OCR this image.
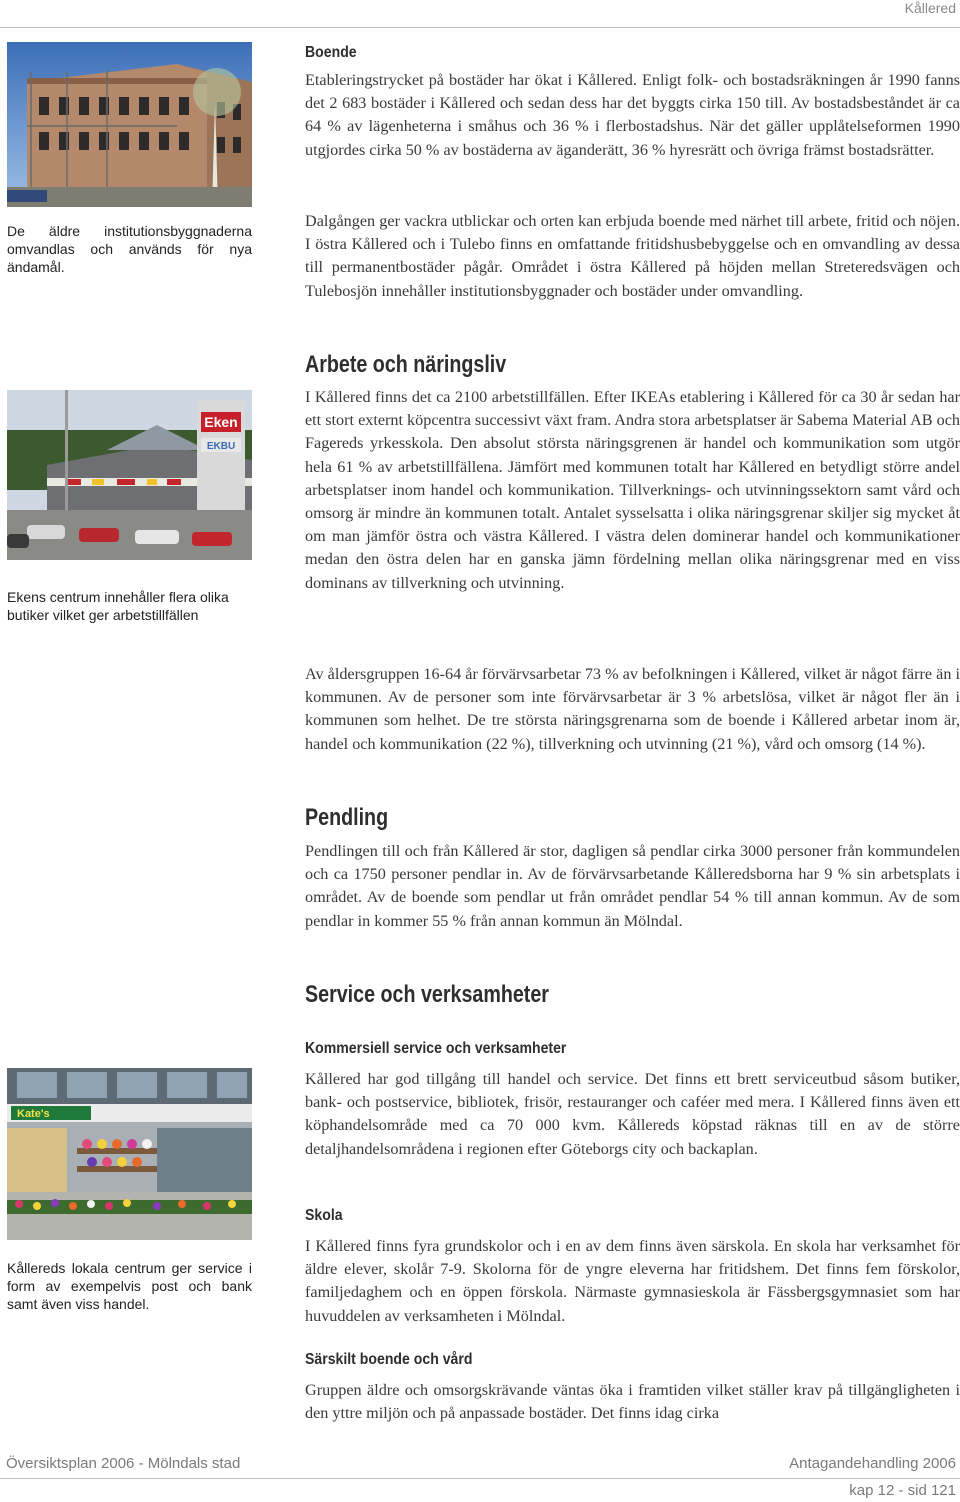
Kållered
De äldre institutionsbyggnaderna omvandlas och används för nya ändamål.
Eken
EKBU
Ekens centrum innehåller flera olika butiker vilket ger arbetstillfällen
Kate's
Kållereds lokala centrum ger service i form av exempelvis post och bank samt även viss handel.
Boende

Etableringstrycket på bostäder har ökat i Kållered. Enligt folk- och bostadsräkningen år 1990 fanns det 2 683 bostäder i Kållered och sedan dess har det byggts cirka 150 till. Av bostadsbeståndet är ca 64 % av lägenheterna i småhus och 36 % i flerbostadshus. När det gäller upplåtelseformen 1990 utgjordes cirka 50 % av bostäderna av äganderätt, 36 % hyresrätt och övriga främst bostadsrätter.

Dalgången ger vackra utblickar och orten kan erbjuda boende med närhet till arbete, fritid och nöjen. I östra Kållered och i Tulebo finns en omfattande fritidshusbebyggelse och en omvandling av dessa till permanentbostäder pågår. Området i östra Kållered på höjden mellan Streteredsvägen och Tulebosjön innehåller institutionsbyggnader och bostäder under omvandling.

Arbete och näringsliv

I Kållered finns det ca 2100 arbetstillfällen. Efter IKEAs etablering i Kållered för ca 30 år sedan har ett stort externt köpcentra successivt växt fram. Andra stora arbetsplatser är Sabema Material AB och Fagereds yrkesskola. Den absolut största näringsgrenen är handel och kommunikation som utgör hela 61 % av arbetstillfällena. Jämfört med kommunen totalt har Kållered en betydligt större andel arbetsplatser inom handel och kommunikation. Tillverknings- och utvinningssektorn samt vård och omsorg är mindre än kommunen totalt. Antalet sysselsatta i olika näringsgrenar skiljer sig mycket åt om man jämför östra och västra Kållered. I västra delen dominerar handel och kommunikationer medan den östra delen har en ganska jämn fördelning mellan olika näringsgrenar med en viss dominans av tillverkning och utvinning.

Av åldersgruppen 16-64 år förvärvsarbetar 73 % av befolkningen i Kållered, vilket är något färre än i kommunen. Av de personer som inte förvärvsarbetar är 3 % arbetslösa, vilket är något fler än i kommunen som helhet. De tre största näringsgrenarna som de boende i Kållered arbetar inom är, handel och kommunikation (22 %), tillverkning och utvinning (21 %), vård och omsorg (14 %).

Pendling

Pendlingen till och från Kållered är stor, dagligen så pendlar cirka 3000 personer från kommundelen och ca 1750 personer pendlar in. Av de förvärvsarbetande Kålleredsborna har 9 % sin arbetsplats i området. Av de boende som pendlar ut från området pendlar 54 % till annan kommun. Av de som pendlar in kommer 55 % från annan kommun än Mölndal.

Service och verksamheter
Kommersiell service och verksamheter

Kållered har god tillgång till handel och service. Det finns ett brett serviceutbud såsom butiker, bank- och postservice, bibliotek, frisör, restauranger och caféer med mera. I Kållered finns även ett köphandelsområde med ca 70 000 kvm. Kållereds köpstad räknas till en av de större detaljhandelsområdena i regionen efter Göteborgs city och backaplan.

Skola

I Kållered finns fyra grundskolor och i en av dem finns även särskola. En skola har verksamhet för äldre elever, skolår 7-9. Skolorna för de yngre eleverna har fritidshem. Det finns fem förskolor, familjedaghem och en öppen förskola. Närmaste gymnasieskola är Fässbergsgymnasiet som har huvuddelen av verksamheten i Mölndal.

Särskilt boende och vård

Gruppen äldre och omsorgskrävande väntas öka i framtiden vilket ställer krav på tillgängligheten i den yttre miljön och på anpassade bostäder. Det finns idag cirka

Översiktsplan 2006 - Mölndals stad	Antagandehandling 2006
kap 12 - sid 121
